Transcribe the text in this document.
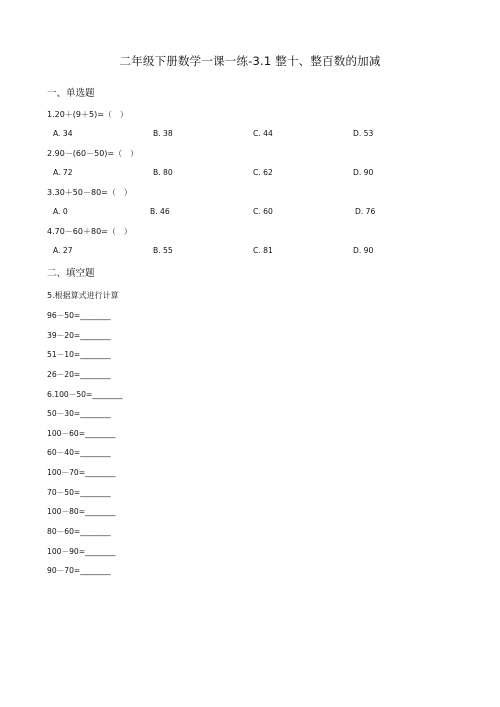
二年级下册数学一课一练-3.1 整十、整百数的加减
一、单选题
1.20＋(9＋5)=（　）
A. 34	B. 38	C. 44	D. 53
2.90－(60－50)=（　）
A. 72	B. 80	C. 62	D. 90
3.30＋50－80=（　）
A. 0	B. 46	C. 60	D. 76
4.70－60＋80=（　）
A. 27	B. 55	C. 81	D. 90
二、填空题
5.根据算式进行计算
96－50=________
39－20=________
51－10=________
26－20=________
6.100－50=________
50－30=________
100－60=________
60－40=________
100－70=________
70－50=________
100－80=________
80－60=________
100－90=________
90－70=________
